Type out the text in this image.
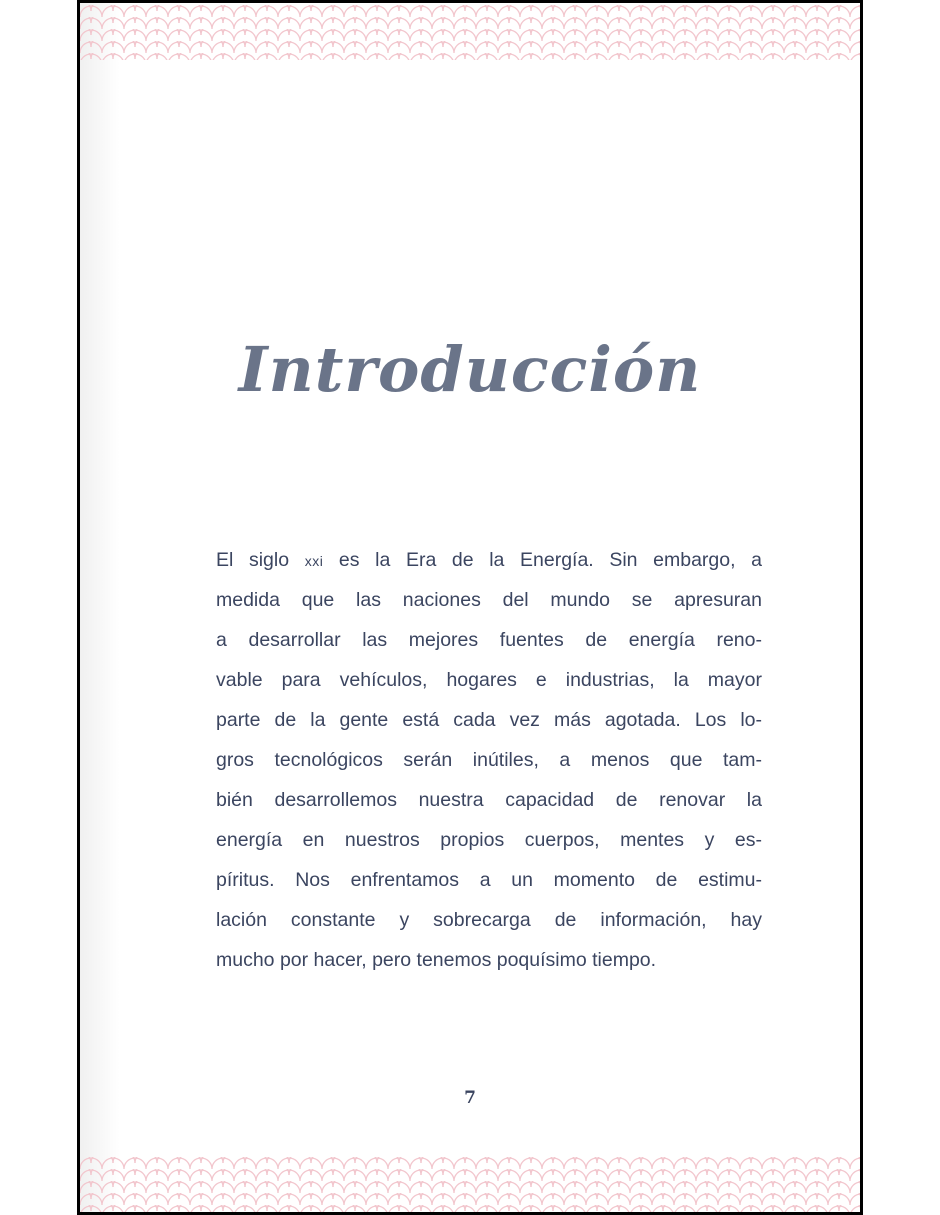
Introducción
El siglo xxi es la Era de la Energía. Sin embargo, a
medida que las naciones del mundo se apresuran
a desarrollar las mejores fuentes de energía reno-
vable para vehículos, hogares e industrias, la mayor
parte de la gente está cada vez más agotada. Los lo-
gros tecnológicos serán inútiles, a menos que tam-
bién desarrollemos nuestra capacidad de renovar la
energía en nuestros propios cuerpos, mentes y es-
píritus. Nos enfrentamos a un momento de estimu-
lación constante y sobrecarga de información, hay
mucho por hacer, pero tenemos poquísimo tiempo.
7
